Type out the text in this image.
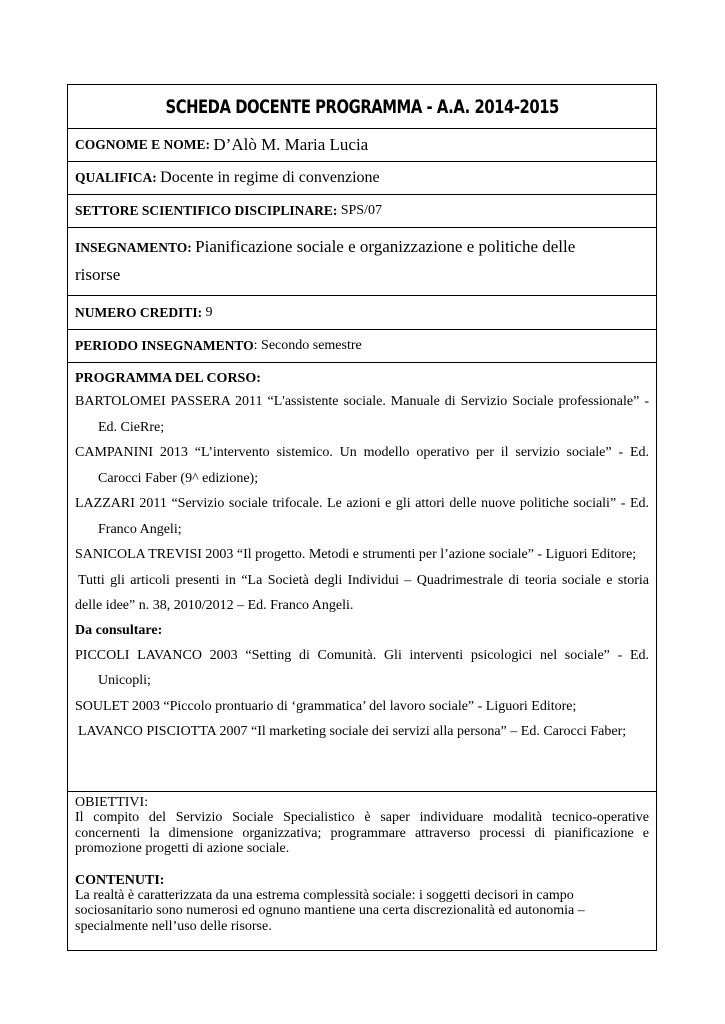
SCHEDA DOCENTE PROGRAMMA - A.A. 2014-2015
COGNOME E NOME: D’Alò M. Maria Lucia
QUALIFICA: Docente in regime di convenzione
SETTORE SCIENTIFICO DISCIPLINARE: SPS/07
INSEGNAMENTO: Pianificazione sociale e organizzazione e politiche delle
risorse
NUMERO CREDITI: 9
PERIODO INSEGNAMENTO : Secondo semestre
PROGRAMMA DEL CORSO:
BARTOLOMEI PASSERA 2011 “L'assistente sociale. Manuale di Servizio Sociale professionale” - Ed. CieRre;
CAMPANINI 2013 “L’intervento sistemico. Un modello operativo per il servizio sociale” - Ed. Carocci Faber (9^ edizione);
LAZZARI 2011 “Servizio sociale trifocale. Le azioni e gli attori delle nuove politiche sociali” - Ed. Franco Angeli;
SANICOLA TREVISI 2003 “Il progetto. Metodi e strumenti per l’azione sociale” - Liguori Editore;
Tutti gli articoli presenti in “La Società degli Individui – Quadrimestrale di teoria sociale e storia delle idee” n. 38, 2010/2012 – Ed. Franco Angeli.
Da consultare:
PICCOLI LAVANCO 2003 “Setting di Comunità. Gli interventi psicologici nel sociale” - Ed. Unicopli;
SOULET 2003 “Piccolo prontuario di ‘grammatica’ del lavoro sociale” - Liguori Editore;
LAVANCO PISCIOTTA 2007 “Il marketing sociale dei servizi alla persona” – Ed. Carocci Faber;
OBIETTIVI:
Il compito del Servizio Sociale Specialistico è saper individuare modalità tecnico-operative concernenti la dimensione organizzativa; programmare attraverso processi di pianificazione e promozione progetti di azione sociale.
CONTENUTI:
La realtà è caratterizzata da una estrema complessità sociale: i soggetti decisori in campo
sociosanitario sono numerosi ed ognuno mantiene una certa discrezionalità ed autonomia –
specialmente nell’uso delle risorse.
